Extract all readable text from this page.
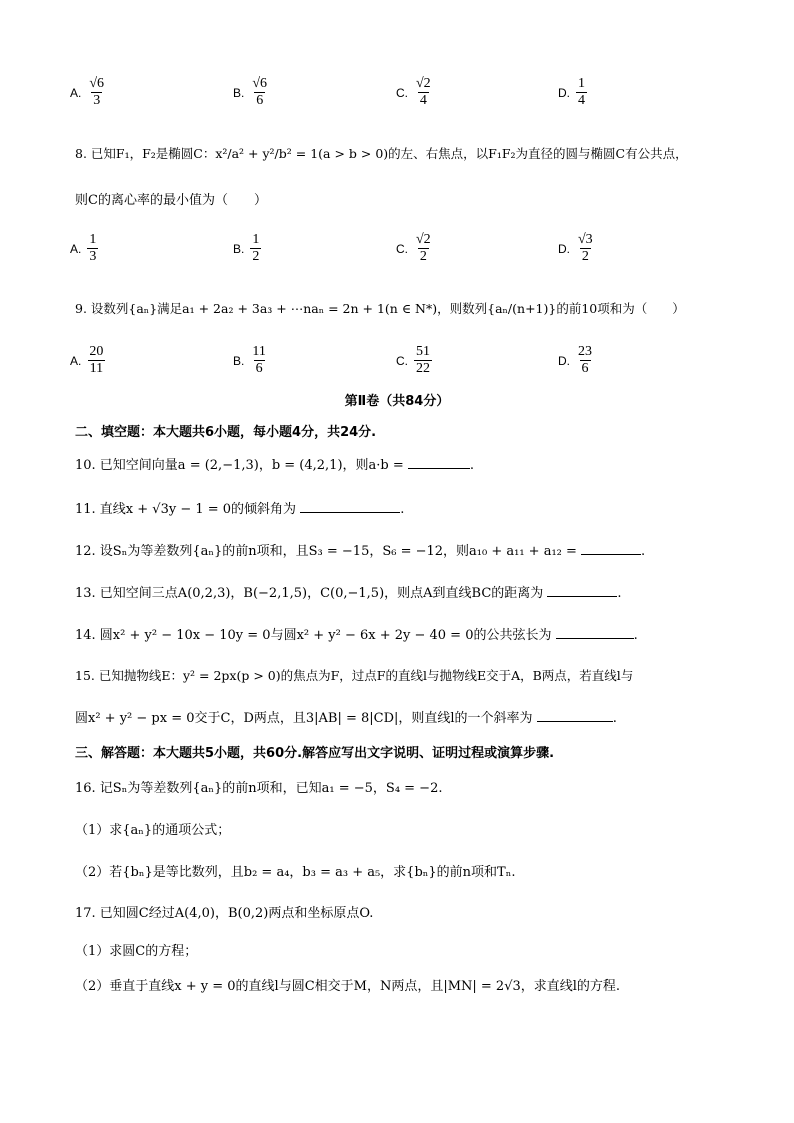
A. $\frac{√6}{3}$	B. $\frac{√6}{6}$	C. $\frac{√2}{4}$	D. $\frac{1}{4}$
8. 已知F₁，F₂是椭圆C：x²/a² + y²/b² = 1(a > b > 0)的左、右焦点，以F₁F₂为直径的圆与椭圆C有公共点，
则C的离心率的最小值为（　　）
A. $\frac{1}{3}$	B. $\frac{1}{2}$	C. $\frac{√2}{2}$	D. $\frac{√3}{2}$
9. 设数列{aₙ}满足a₁ + 2a₂ + 3a₃ + ⋯naₙ = 2n + 1(n ∈ N*)，则数列{aₙ/(n+1)}的前10项和为（　　）
A. $\frac{20}{11}$	B. $\frac{11}{6}$	C. $\frac{51}{22}$	D. $\frac{23}{6}$
第Ⅱ卷（共84分）
二、填空题：本大题共6小题，每小题4分，共24分.
10. 已知空间向量a = (2,−1,3)，b = (4,2,1)，则a·b =	.
11. 直线x + √3y − 1 = 0的倾斜角为	.
12. 设Sₙ为等差数列{aₙ}的前n项和，且S₃ = −15，S₆ = −12，则a₁₀ + a₁₁ + a₁₂ =	.
13. 已知空间三点A(0,2,3)，B(−2,1,5)，C(0,−1,5)，则点A到直线BC的距离为	.
14. 圆x² + y² − 10x − 10y = 0与圆x² + y² − 6x + 2y − 40 = 0的公共弦长为	.
15. 已知抛物线E：y² = 2px(p > 0)的焦点为F，过点F的直线l与抛物线E交于A，B两点，若直线l与
圆x² + y² − px = 0交于C，D两点，且3|AB| = 8|CD|，则直线l的一个斜率为	.
三、解答题：本大题共5小题，共60分.解答应写出文字说明、证明过程或演算步骤.
16. 记Sₙ为等差数列{aₙ}的前n项和，已知a₁ = −5，S₄ = −2.
（1）求{aₙ}的通项公式；
（2）若{bₙ}是等比数列，且b₂ = a₄，b₃ = a₃ + a₅，求{bₙ}的前n项和Tₙ.
17. 已知圆C经过A(4,0)，B(0,2)两点和坐标原点O.
（1）求圆C的方程；
（2）垂直于直线x + y = 0的直线l与圆C相交于M，N两点，且|MN| = 2√3，求直线l的方程.
